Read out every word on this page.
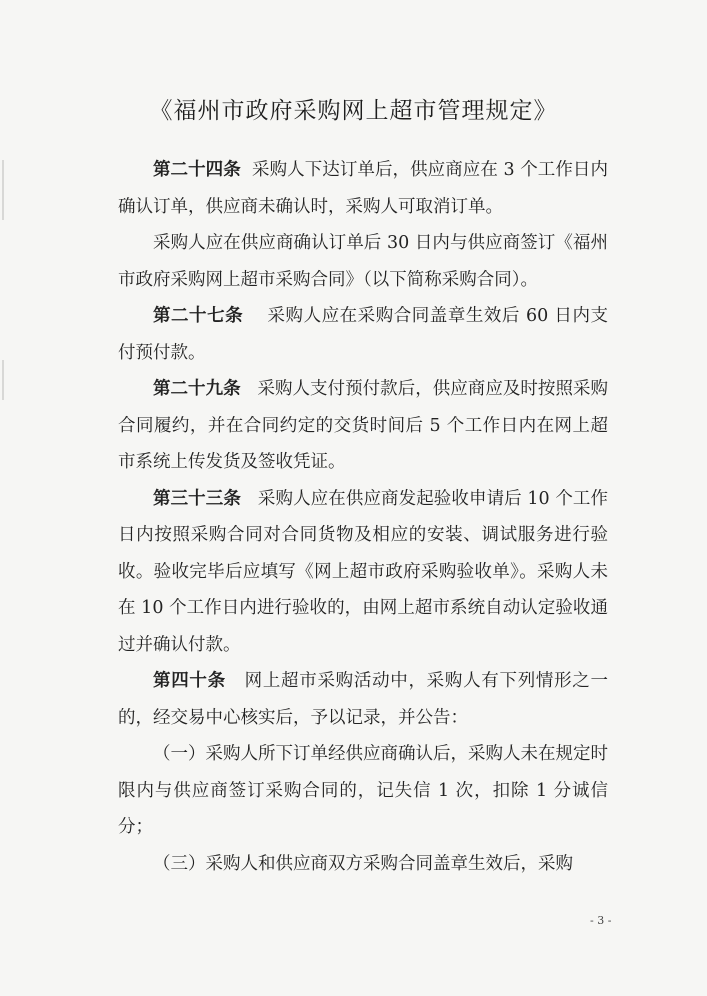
《福州市政府采购网上超市管理规定》

第二十四条 采购人下达订单后，供应商应在 3 个工作日内确认订单，供应商未确认时，采购人可取消订单。

采购人应在供应商确认订单后 30 日内与供应商签订《福州市政府采购网上超市采购合同》（以下简称采购合同）。

第二十七条 采购人应在采购合同盖章生效后 60 日内支付预付款。

第二十九条 采购人支付预付款后，供应商应及时按照采购合同履约，并在合同约定的交货时间后 5 个工作日内在网上超市系统上传发货及签收凭证。

第三十三条 采购人应在供应商发起验收申请后 10 个工作日内按照采购合同对合同货物及相应的安装、调试服务进行验收。验收完毕后应填写《网上超市政府采购验收单》。采购人未在 10 个工作日内进行验收的，由网上超市系统自动认定验收通过并确认付款。

第四十条 网上超市采购活动中，采购人有下列情形之一的，经交易中心核实后，予以记录，并公告：

（一）采购人所下订单经供应商确认后，采购人未在规定时限内与供应商签订采购合同的，记失信 1 次，扣除 1 分诚信分；

（三）采购人和供应商双方采购合同盖章生效后，采购

- 3 -
